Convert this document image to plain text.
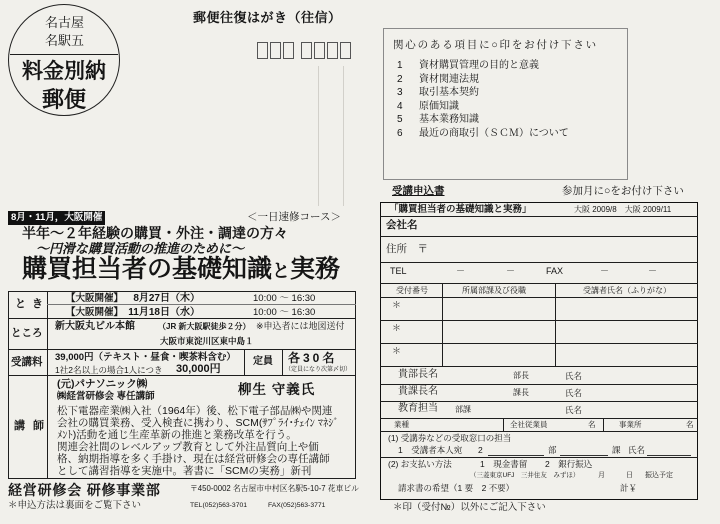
名古屋
名駅五
料金別納
郵便
郵便往復はがき（往信）
8月・11月，大阪開催	＜一日速修コース＞
半年～２年経験の購買・外注・調達の方々
～円滑な購買活動の推進のために～
購買担当者の基礎知識と実務
とき 【大阪開催】	8月27日（木）	10:00 ～ 16:30
【大阪開催】 11月18日（水）	10:00 ～ 16:30
ところ
新大阪丸ビル本館	（JR 新大阪駅徒歩２分） ※申込者には地図送付
大阪市東淀川区東中島１
受講料 39,000円（テキスト・昼食・喫茶料含む）
1社2名以上の場合1人につき 30,000円
定員 各30名
（定員になり次第〆切）
講師
(元)パナソニック㈱	柳生 守義氏
㈱経営研修会 専任講師
松下電器産業㈱入社（1964年）後、松下電子部品㈱や関連
会社の購買業務、受入検査に携わり、SCM(ｻﾌﾟﾗｲ･ﾁｪｲﾝ ﾏﾈｼﾞ
ﾒﾝﾄ)活動を通じ生産革新の推進と業務改革を行う。
関連会社間のレベルアップ教育として外注品質向上や価
格、納期指導を多く手掛け、現在は経営研修会の専任講師
として講習指導を実施中。著書に「SCMの実務」新刊
経営研修会 研修事業部	〒450-0002 名古屋市中村区名駅5-10-7 花車ビル
＊申込方法は裏面をご覧下さい	TEL(052)563-3701	FAX(052)563-3771
関心のある項目に○印をお付け下さい
1 資材購買管理の目的と意義
2 資材関連法規
3 取引基本契約
4 原価知識
5 基本業務知識
6 最近の商取引（ＳＣＭ）について
受講申込書	参加月に○をお付け下さい
「購買担当者の基礎知識と実務」	大阪 2009/8　大阪 2009/11
会社名
住所　〒
TEL	－	－	FAX	－	－
受付番号	所属部課及び役職	受講者氏名（ふりがな）
＊
＊
＊
貴部長名	部長	氏名
貴課長名	課長	氏名
教育担当 部課	氏名
業種	全社従業員	名	事業所	名
(1) 受講券などの受取窓口の担当
1　受講者本人宛 2	部	課 氏名
(2) お支払い方法	1　現金書留 2　銀行振込
（三菱東京UFJ　三井住友　みずほ）	月	日 振込予定
請求書の希望（1 要　2 不要）	計￥
＊印（受付№）以外にご記入下さい
